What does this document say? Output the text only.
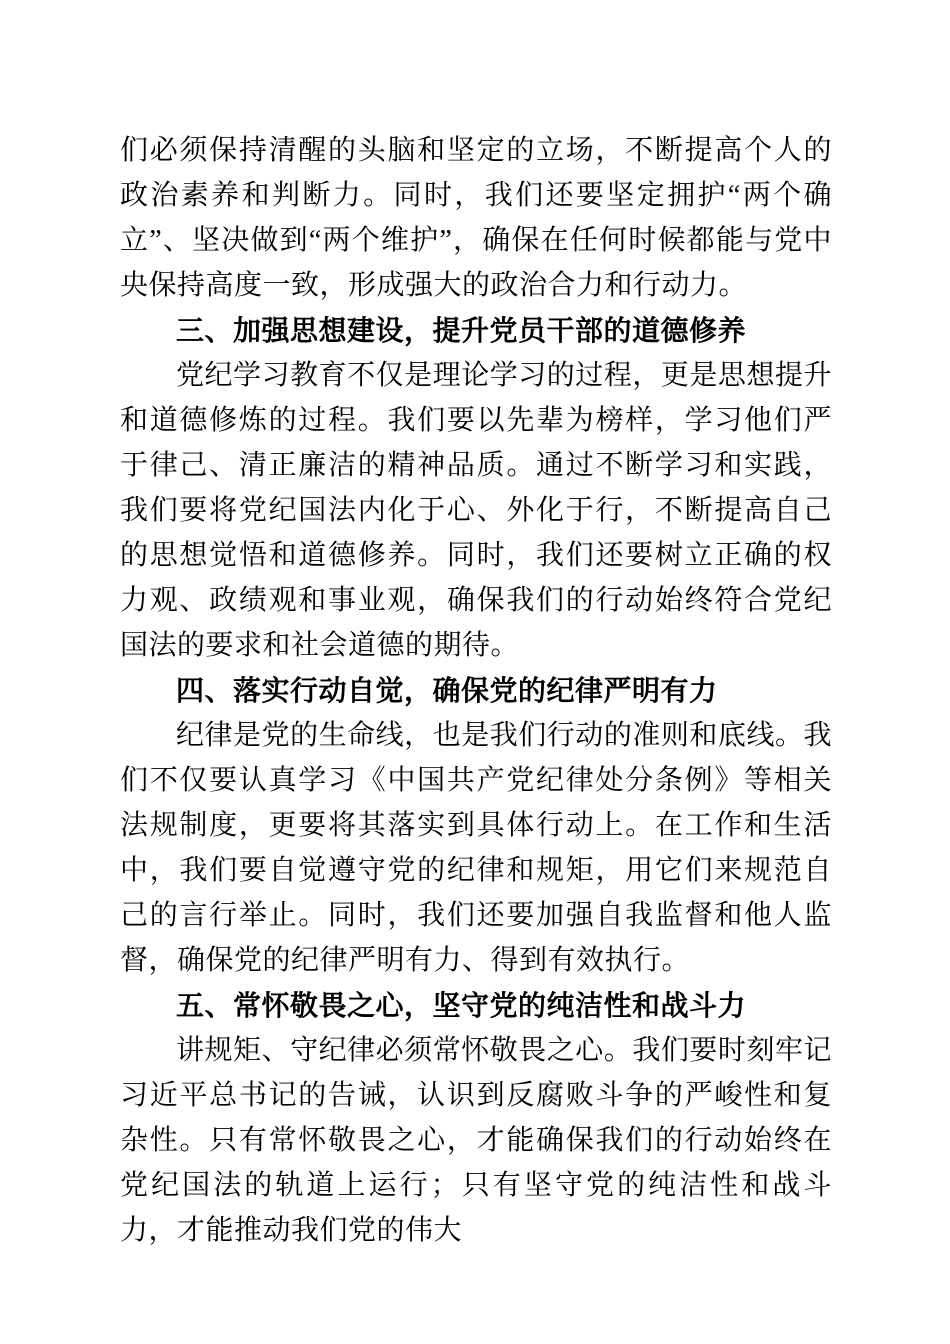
们必须保持清醒的头脑和坚定的立场，不断提高个人的政治素养和判断力。同时，我们还要坚定拥护“两个确立”、坚决做到“两个维护”，确保在任何时候都能与党中央保持高度一致，形成强大的政治合力和行动力。

三、加强思想建设，提升党员干部的道德修养

党纪学习教育不仅是理论学习的过程，更是思想提升和道德修炼的过程。我们要以先辈为榜样，学习他们严于律己、清正廉洁的精神品质。通过不断学习和实践，我们要将党纪国法内化于心、外化于行，不断提高自己的思想觉悟和道德修养。同时，我们还要树立正确的权力观、政绩观和事业观，确保我们的行动始终符合党纪国法的要求和社会道德的期待。

四、落实行动自觉，确保党的纪律严明有力

纪律是党的生命线，也是我们行动的准则和底线。我们不仅要认真学习《中国共产党纪律处分条例》等相关法规制度，更要将其落实到具体行动上。在工作和生活中，我们要自觉遵守党的纪律和规矩，用它们来规范自己的言行举止。同时，我们还要加强自我监督和他人监督，确保党的纪律严明有力、得到有效执行。

五、常怀敬畏之心，坚守党的纯洁性和战斗力

讲规矩、守纪律必须常怀敬畏之心。我们要时刻牢记习近平总书记的告诫，认识到反腐败斗争的严峻性和复杂性。只有常怀敬畏之心，才能确保我们的行动始终在党纪国法的轨道上运行；只有坚守党的纯洁性和战斗力，才能推动我们党的伟大
